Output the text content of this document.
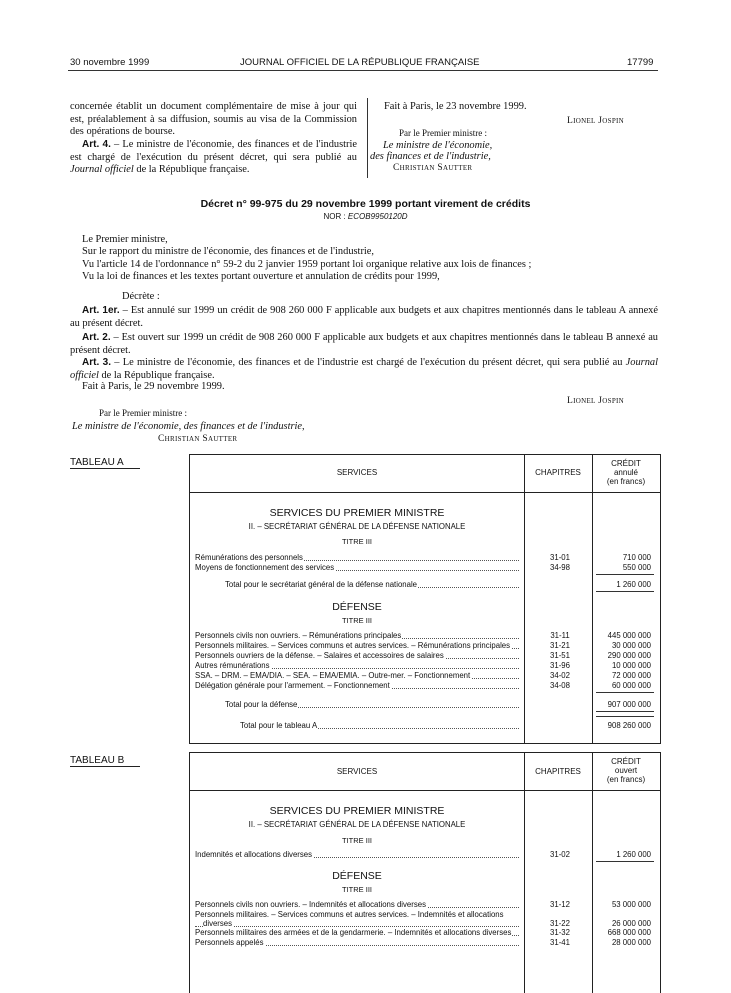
30 novembre 1999	JOURNAL OFFICIEL DE LA RÉPUBLIQUE FRANÇAISE	17799
concernée établit un document complémentaire de mise à jour qui est, préalablement à sa diffusion, soumis au visa de la Commission des opérations de bourse.
Art. 4. – Le ministre de l'économie, des finances et de l'industrie est chargé de l'exécution du présent décret, qui sera publié au Journal officiel de la République française.
Fait à Paris, le 23 novembre 1999.
Lionel Jospin
Par le Premier ministre :
Le ministre de l'économie,
des finances et de l'industrie,
Christian Sautter
Décret n° 99-975 du 29 novembre 1999 portant virement de crédits
NOR : ECOB9950120D
Le Premier ministre,
Sur le rapport du ministre de l'économie, des finances et de l'industrie,
Vu l'article 14 de l'ordonnance n° 59-2 du 2 janvier 1959 portant loi organique relative aux lois de finances ;
Vu la loi de finances et les textes portant ouverture et annulation de crédits pour 1999,
Décrète :
Art. 1er. – Est annulé sur 1999 un crédit de 908 260 000 F applicable aux budgets et aux chapitres mentionnés dans le tableau A annexé au présent décret.
Art. 2. – Est ouvert sur 1999 un crédit de 908 260 000 F applicable aux budgets et aux chapitres mentionnés dans le tableau B annexé au présent décret.
Art. 3. – Le ministre de l'économie, des finances et de l'industrie est chargé de l'exécution du présent décret, qui sera publié au Journal officiel de la République française.
Fait à Paris, le 29 novembre 1999.
Lionel Jospin
Par le Premier ministre :
Le ministre de l'économie, des finances et de l'industrie,
Christian Sautter
TABLEAU A
SERVICES	CHAPITRES
CRÉDIT
annulé
(en francs)
SERVICES DU PREMIER MINISTRE
II. – SECRÉTARIAT GÉNÉRAL DE LA DÉFENSE NATIONALE
TITRE III
Rémunérations des personnels	31-01	710 000
Moyens de fonctionnement des services	34-98	550 000
Total pour le secrétariat général de la défense nationale	1 260 000
DÉFENSE
TITRE III
Personnels civils non ouvriers. – Rémunérations principales	31-11	445 000 000
Personnels militaires. – Services communs et autres services. – Rémunérations principales	31-21	30 000 000
Personnels ouvriers de la défense. – Salaires et accessoires de salaires	31-51	290 000 000
Autres rémunérations	31-96	10 000 000
SSA. – DRM. – EMA/DIA. – SEA. – EMA/EMIA. – Outre-mer. – Fonctionnement	34-02	72 000 000
Délégation générale pour l'armement. – Fonctionnement	34-08	60 000 000
Total pour la défense	907 000 000
Total pour le tableau A	908 260 000
TABLEAU B
SERVICES	CHAPITRES
CRÉDIT
ouvert
(en francs)
SERVICES DU PREMIER MINISTRE
II. – SECRÉTARIAT GÉNÉRAL DE LA DÉFENSE NATIONALE
TITRE III
Indemnités et allocations diverses	31-02	1 260 000
DÉFENSE
TITRE III
Personnels civils non ouvriers. – Indemnités et allocations diverses	31-12	53 000 000
Personnels militaires. – Services communs et autres services. – Indemnités et allocations
diverses	31-22	26 000 000
Personnels militaires des armées et de la gendarmerie. – Indemnités et allocations diverses	31-32	668 000 000
Personnels appelés	31-41	28 000 000
